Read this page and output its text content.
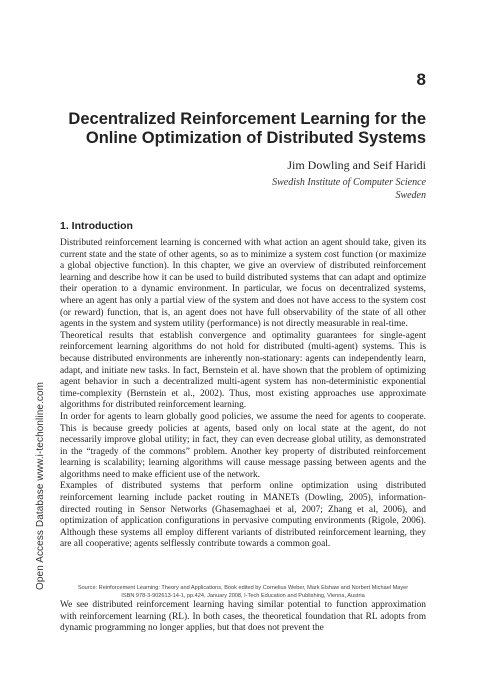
Open Access Database www.i-techonline.com
8
Decentralized Reinforcement Learning for the
Online Optimization of Distributed Systems
Jim Dowling and Seif Haridi
Swedish Institute of Computer Science
Sweden
1. Introduction

Distributed reinforcement learning is concerned with what action an agent should take, given its current state and the state of other agents, so as to minimize a system cost function (or maximize a global objective function). In this chapter, we give an overview of distributed reinforcement learning and describe how it can be used to build distributed systems that can adapt and optimize their operation to a dynamic environment. In particular, we focus on decentralized systems, where an agent has only a partial view of the system and does not have access to the system cost (or reward) function, that is, an agent does not have full observability of the state of all other agents in the system and system utility (performance) is not directly measurable in real-time.

Theoretical results that establish convergence and optimality guarantees for single-agent reinforcement learning algorithms do not hold for distributed (multi-agent) systems. This is because distributed environments are inherently non-stationary: agents can independently learn, adapt, and initiate new tasks. In fact, Bernstein et al. have shown that the problem of optimizing agent behavior in such a decentralized multi-agent system has non-deterministic exponential time-complexity (Bernstein et al., 2002). Thus, most existing approaches use approximate algorithms for distributed reinforcement learning.

In order for agents to learn globally good policies, we assume the need for agents to cooperate. This is because greedy policies at agents, based only on local state at the agent, do not necessarily improve global utility; in fact, they can even decrease global utility, as demonstrated in the “tragedy of the commons” problem. Another key property of distributed reinforcement learning is scalability; learning algorithms will cause message passing between agents and the algorithms need to make efficient use of the network.

Examples of distributed systems that perform online optimization using distributed reinforcement learning include packet routing in MANETs (Dowling, 2005), information-directed routing in Sensor Networks (Ghasemaghaei et al, 2007; Zhang et al, 2006), and optimization of application configurations in pervasive computing environments (Rigole, 2006). Although these systems all employ different variants of distributed reinforcement learning, they are all cooperative; agents selflessly contribute towards a common goal.

Source: Reinforcement Learning: Theory and Applications, Book edited by Cornelius Weber, Mark Elshaw and Norbert Michael Mayer
ISBN 978-3-902613-14-1, pp.424, January 2008, I-Tech Education and Publishing, Vienna, Austria
We see distributed reinforcement learning having similar potential to function approximation with reinforcement learning (RL). In both cases, the theoretical foundation that RL adopts from dynamic programming no longer applies, but that does not prevent the
